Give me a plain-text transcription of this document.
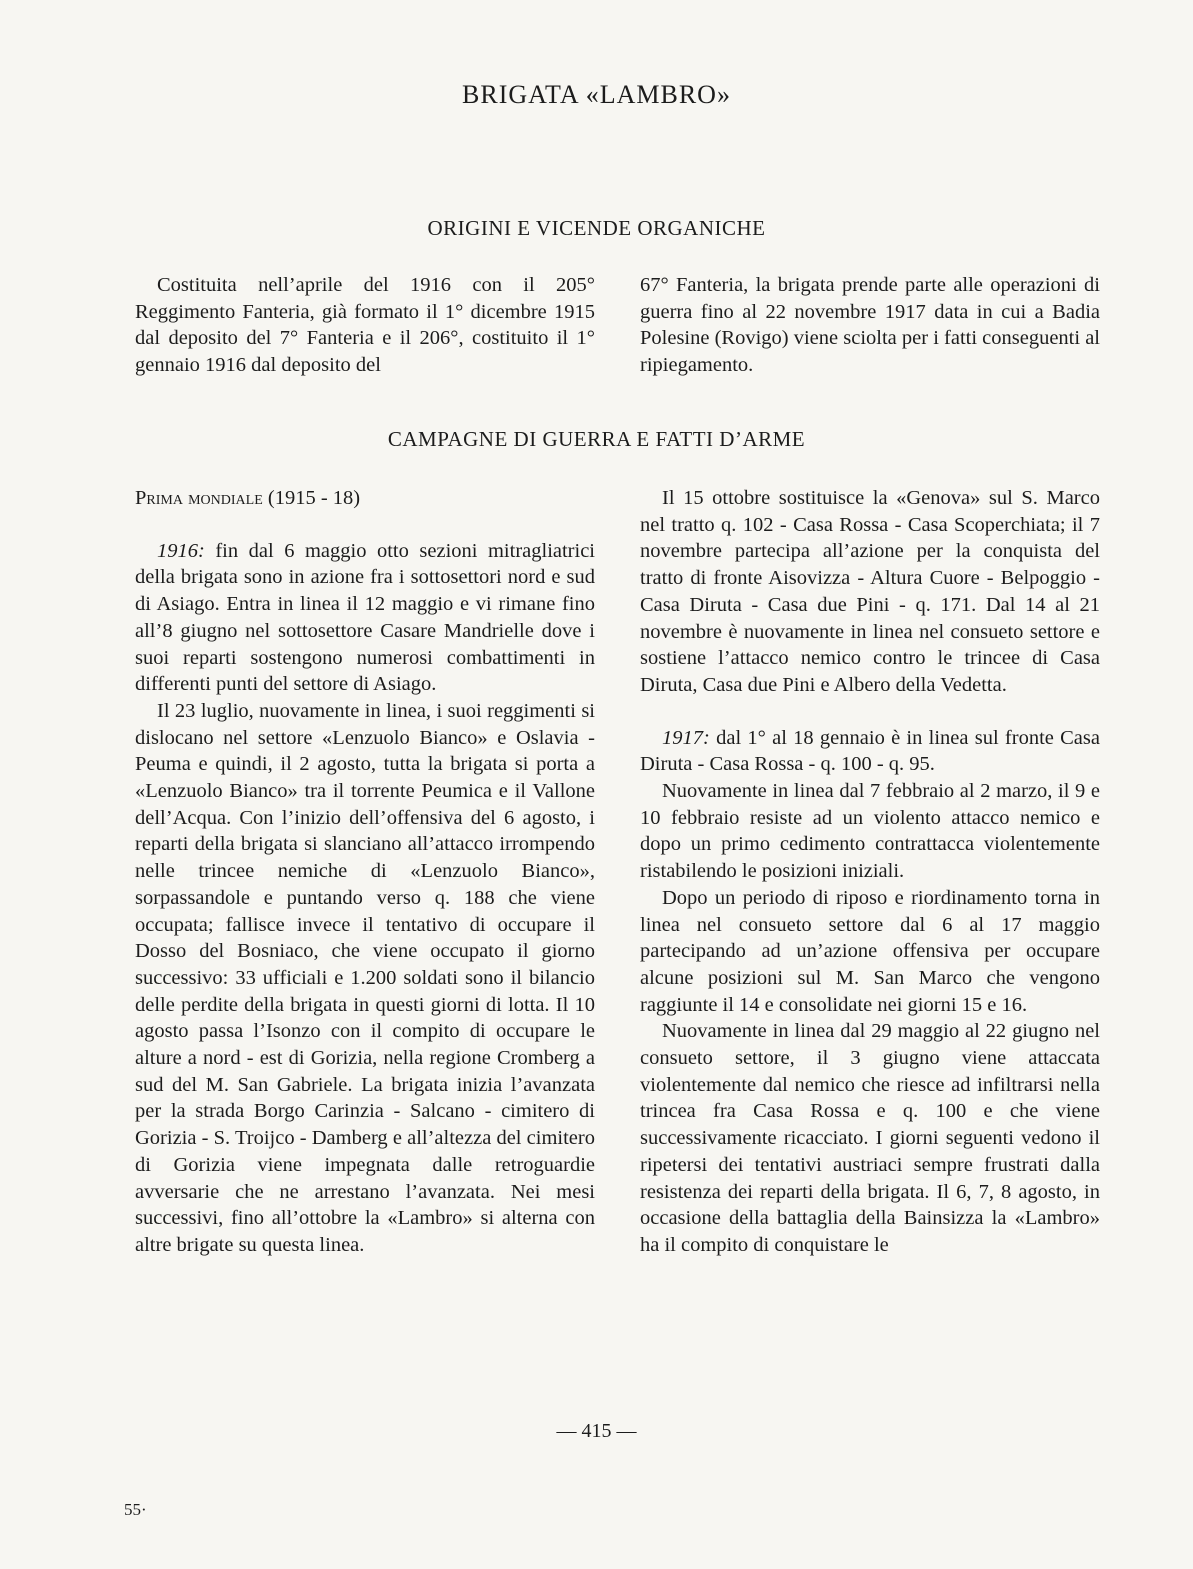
BRIGATA «LAMBRO»
ORIGINI E VICENDE ORGANICHE

Costituita nell’aprile del 1916 con il 205° Reggimento Fanteria, già formato il 1° dicembre 1915 dal deposito del 7° Fanteria e il 206°, costituito il 1° gennaio 1916 dal deposito del

67° Fanteria, la brigata prende parte alle operazioni di guerra fino al 22 novembre 1917 data in cui a Badia Polesine (Rovigo) viene sciolta per i fatti conseguenti al ripiegamento.

CAMPAGNE DI GUERRA E FATTI D’ARME

Prima mondiale (1915 - 18)

1916: fin dal 6 maggio otto sezioni mitragliatrici della brigata sono in azione fra i sottosettori nord e sud di Asiago. Entra in linea il 12 maggio e vi rimane fino all’8 giugno nel sottosettore Casare Mandrielle dove i suoi reparti sostengono numerosi combattimenti in differenti punti del settore di Asiago.

Il 23 luglio, nuovamente in linea, i suoi reggimenti si dislocano nel settore «Lenzuolo Bianco» e Oslavia - Peuma e quindi, il 2 agosto, tutta la brigata si porta a «Lenzuolo Bianco» tra il torrente Peumica e il Vallone dell’Acqua. Con l’inizio dell’offensiva del 6 agosto, i reparti della brigata si slanciano all’attacco irrompendo nelle trincee nemiche di «Lenzuolo Bianco», sorpassandole e puntando verso q. 188 che viene occupata; fallisce invece il tentativo di occupare il Dosso del Bosniaco, che viene occupato il giorno successivo: 33 ufficiali e 1.200 soldati sono il bilancio delle perdite della brigata in questi giorni di lotta. Il 10 agosto passa l’Isonzo con il compito di occupare le alture a nord - est di Gorizia, nella regione Cromberg a sud del M. San Gabriele. La brigata inizia l’avanzata per la strada Borgo Carinzia - Salcano - cimitero di Gorizia - S. Troijco - Damberg e all’altezza del cimitero di Gorizia viene impegnata dalle retroguardie avversarie che ne arrestano l’avanzata. Nei mesi successivi, fino all’ottobre la «Lambro» si alterna con altre brigate su questa linea.

Il 15 ottobre sostituisce la «Genova» sul S. Marco nel tratto q. 102 - Casa Rossa - Casa Scoperchiata; il 7 novembre partecipa all’azione per la conquista del tratto di fronte Aisovizza - Altura Cuore - Belpoggio - Casa Diruta - Casa due Pini - q. 171. Dal 14 al 21 novembre è nuovamente in linea nel consueto settore e sostiene l’attacco nemico contro le trincee di Casa Diruta, Casa due Pini e Albero della Vedetta.

1917: dal 1° al 18 gennaio è in linea sul fronte Casa Diruta - Casa Rossa - q. 100 - q. 95.

Nuovamente in linea dal 7 febbraio al 2 marzo, il 9 e 10 febbraio resiste ad un violento attacco nemico e dopo un primo cedimento contrattacca violentemente ristabilendo le posizioni iniziali.

Dopo un periodo di riposo e riordinamento torna in linea nel consueto settore dal 6 al 17 maggio partecipando ad un’azione offensiva per occupare alcune posizioni sul M. San Marco che vengono raggiunte il 14 e consolidate nei giorni 15 e 16.

Nuovamente in linea dal 29 maggio al 22 giugno nel consueto settore, il 3 giugno viene attaccata violentemente dal nemico che riesce ad infiltrarsi nella trincea fra Casa Rossa e q. 100 e che viene successivamente ricacciato. I giorni seguenti vedono il ripetersi dei tentativi austriaci sempre frustrati dalla resistenza dei reparti della brigata. Il 6, 7, 8 agosto, in occasione della battaglia della Bainsizza la «Lambro» ha il compito di conquistare le

— 415 —
55·
